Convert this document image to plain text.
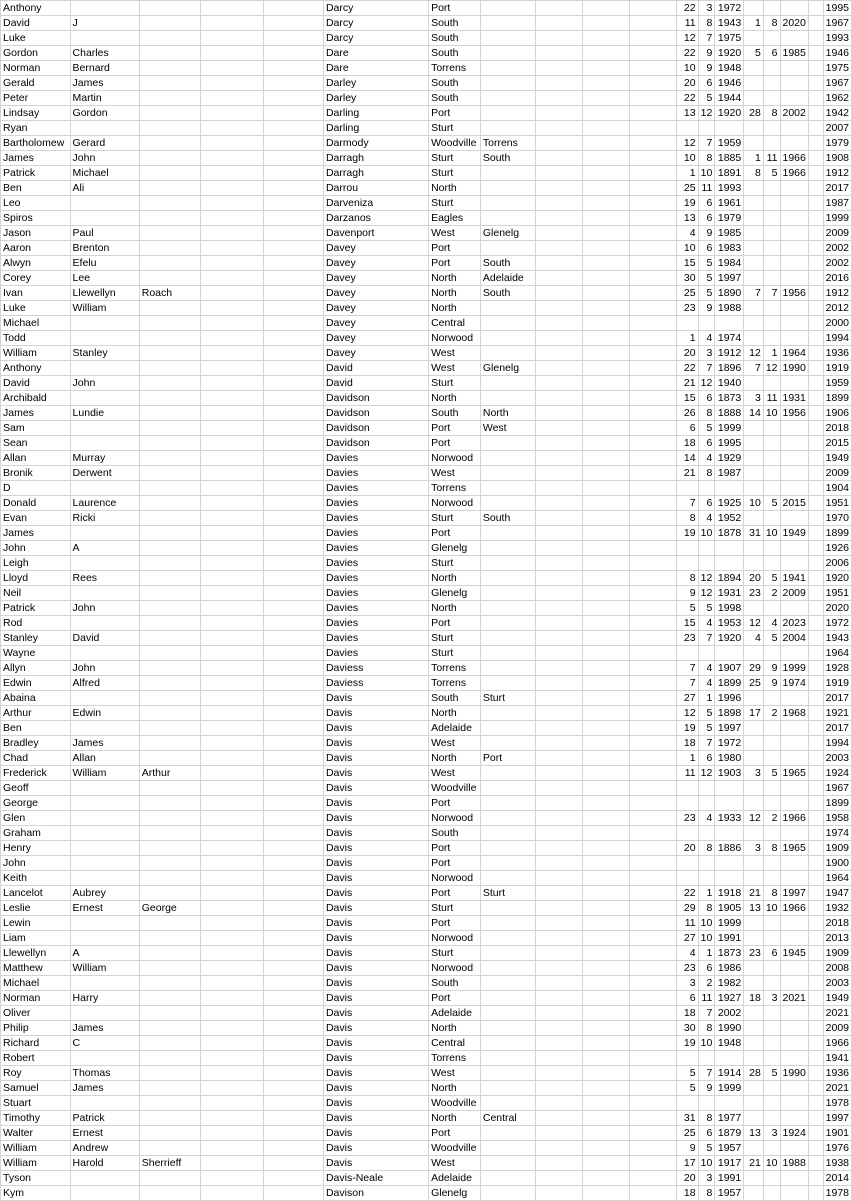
Anthony					Darcy	Port					22	3	1972					1995
David	J				Darcy	South					11	8	1943	1	8	2020		1967
Luke					Darcy	South					12	7	1975					1993
Gordon	Charles				Dare	South					22	9	1920	5	6	1985		1946
Norman	Bernard				Dare	Torrens					10	9	1948					1975
Gerald	James				Darley	South					20	6	1946					1967
Peter	Martin				Darley	South					22	5	1944					1962
Lindsay	Gordon				Darling	Port					13	12	1920	28	8	2002		1942
Ryan					Darling	Sturt												2007
Bartholomew	Gerard				Darmody	Woodville	Torrens				12	7	1959					1979
James	John				Darragh	Sturt	South				10	8	1885	1	11	1966		1908
Patrick	Michael				Darragh	Sturt					1	10	1891	8	5	1966		1912
Ben	Ali				Darrou	North					25	11	1993					2017
Leo					Darveniza	Sturt					19	6	1961					1987
Spiros					Darzanos	Eagles					13	6	1979					1999
Jason	Paul				Davenport	West	Glenelg				4	9	1985					2009
Aaron	Brenton				Davey	Port					10	6	1983					2002
Alwyn	Efelu				Davey	Port	South				15	5	1984					2002
Corey	Lee				Davey	North	Adelaide				30	5	1997					2016
Ivan	Llewellyn	Roach			Davey	North	South				25	5	1890	7	7	1956		1912
Luke	William				Davey	North					23	9	1988					2012
Michael					Davey	Central												2000
Todd					Davey	Norwood					1	4	1974					1994
William	Stanley				Davey	West					20	3	1912	12	1	1964		1936
Anthony					David	West	Glenelg				22	7	1896	7	12	1990		1919
David	John				David	Sturt					21	12	1940					1959
Archibald					Davidson	North					15	6	1873	3	11	1931		1899
James	Lundie				Davidson	South	North				26	8	1888	14	10	1956		1906
Sam					Davidson	Port	West				6	5	1999					2018
Sean					Davidson	Port					18	6	1995					2015
Allan	Murray				Davies	Norwood					14	4	1929					1949
Bronik	Derwent				Davies	West					21	8	1987					2009
D					Davies	Torrens												1904
Donald	Laurence				Davies	Norwood					7	6	1925	10	5	2015		1951
Evan	Ricki				Davies	Sturt	South				8	4	1952					1970
James					Davies	Port					19	10	1878	31	10	1949		1899
John	A				Davies	Glenelg												1926
Leigh					Davies	Sturt												2006
Lloyd	Rees				Davies	North					8	12	1894	20	5	1941		1920
Neil					Davies	Glenelg					9	12	1931	23	2	2009		1951
Patrick	John				Davies	North					5	5	1998					2020
Rod					Davies	Port					15	4	1953	12	4	2023		1972
Stanley	David				Davies	Sturt					23	7	1920	4	5	2004		1943
Wayne					Davies	Sturt												1964
Allyn	John				Daviess	Torrens					7	4	1907	29	9	1999		1928
Edwin	Alfred				Daviess	Torrens					7	4	1899	25	9	1974		1919
Abaina					Davis	South	Sturt				27	1	1996					2017
Arthur	Edwin				Davis	North					12	5	1898	17	2	1968		1921
Ben					Davis	Adelaide					19	5	1997					2017
Bradley	James				Davis	West					18	7	1972					1994
Chad	Allan				Davis	North	Port				1	6	1980					2003
Frederick	William	Arthur			Davis	West					11	12	1903	3	5	1965		1924
Geoff					Davis	Woodville												1967
George					Davis	Port												1899
Glen					Davis	Norwood					23	4	1933	12	2	1966		1958
Graham					Davis	South												1974
Henry					Davis	Port					20	8	1886	3	8	1965		1909
John					Davis	Port												1900
Keith					Davis	Norwood												1964
Lancelot	Aubrey				Davis	Port	Sturt				22	1	1918	21	8	1997		1947
Leslie	Ernest	George			Davis	Sturt					29	8	1905	13	10	1966		1932
Lewin					Davis	Port					11	10	1999					2018
Liam					Davis	Norwood					27	10	1991					2013
Llewellyn	A				Davis	Sturt					4	1	1873	23	6	1945		1909
Matthew	William				Davis	Norwood					23	6	1986					2008
Michael					Davis	South					3	2	1982					2003
Norman	Harry				Davis	Port					6	11	1927	18	3	2021		1949
Oliver					Davis	Adelaide					18	7	2002					2021
Philip	James				Davis	North					30	8	1990					2009
Richard	C				Davis	Central					19	10	1948					1966
Robert					Davis	Torrens												1941
Roy	Thomas				Davis	West					5	7	1914	28	5	1990		1936
Samuel	James				Davis	North					5	9	1999					2021
Stuart					Davis	Woodville												1978
Timothy	Patrick				Davis	North	Central				31	8	1977					1997
Walter	Ernest				Davis	Port					25	6	1879	13	3	1924		1901
William	Andrew				Davis	Woodville					9	5	1957					1976
William	Harold	Sherrieff			Davis	West					17	10	1917	21	10	1988		1938
Tyson					Davis-Neale	Adelaide					20	3	1991					2014
Kym					Davison	Glenelg					18	8	1957					1978
